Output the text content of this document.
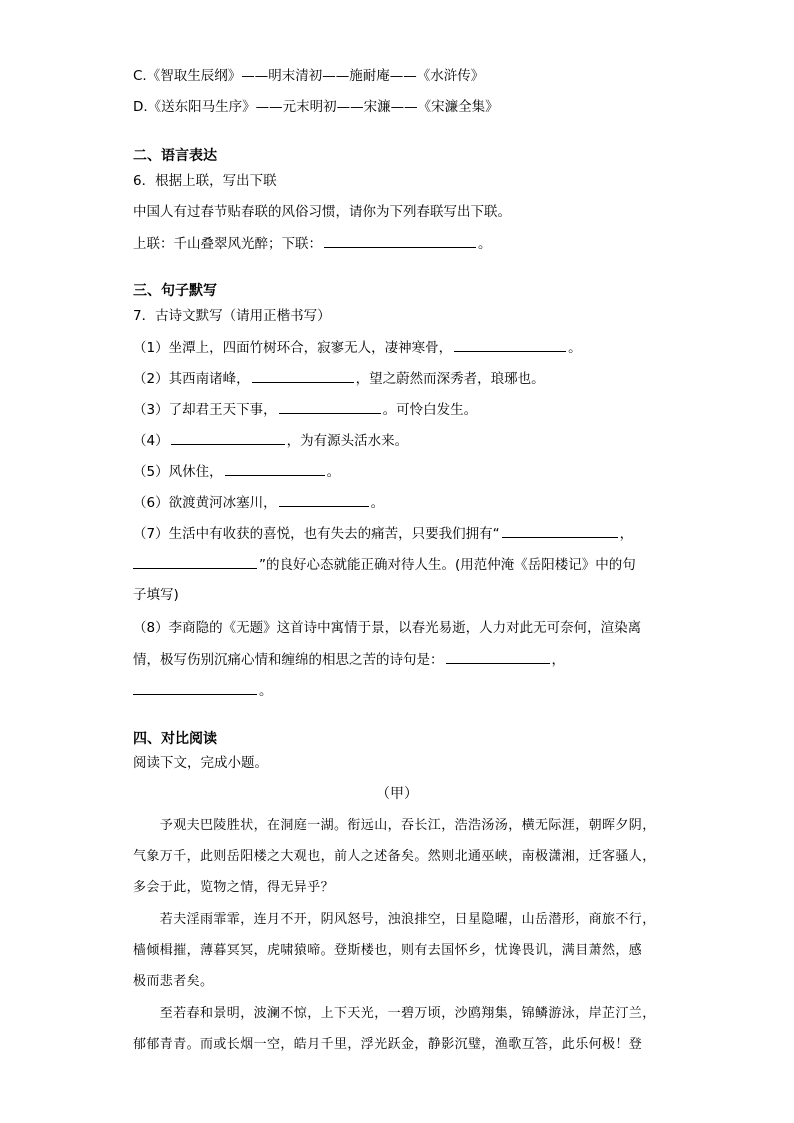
C.《智取生辰纲》——明末清初——施耐庵——《水浒传》
D.《送东阳马生序》——元末明初——宋濂——《宋濂全集》
二、语言表达
6．根据上联，写出下联
中国人有过春节贴春联的风俗习惯，请你为下列春联写出下联。
上联：千山叠翠风光醉；下联：	。
三、句子默写
7．古诗文默写（请用正楷书写）
（1）坐潭上，四面竹树环合，寂寥无人，凄神寒骨，	。
（2）其西南诸峰，	，望之蔚然而深秀者，琅琊也。
（3）了却君王天下事，	。可怜白发生。
（4）	，为有源头活水来。
（5）风休住，	。
（6）欲渡黄河冰塞川，	。
（7）生活中有收获的喜悦，也有失去的痛苦，只要我们拥有“	，
”的良好心态就能正确对待人生。(用范仲淹《岳阳楼记》中的句
子填写)
（8）李商隐的《无题》这首诗中寓情于景，以春光易逝，人力对此无可奈何，渲染离
情，极写伤别沉痛心情和缠绵的相思之苦的诗句是：	，
。
四、对比阅读
阅读下文，完成小题。
（甲）
　　予观夫巴陵胜状，在洞庭一湖。衔远山，吞长江，浩浩汤汤，横无际涯，朝晖夕阴，
气象万千，此则岳阳楼之大观也，前人之述备矣。然则北通巫峡，南极潇湘，迁客骚人，
多会于此，览物之情，得无异乎？
　　若夫淫雨霏霏，连月不开，阴风怒号，浊浪排空，日星隐曜，山岳潜形，商旅不行，
樯倾楫摧，薄暮冥冥，虎啸猿啼。登斯楼也，则有去国怀乡，忧谗畏讥，满目萧然，感
极而悲者矣。
　　至若春和景明，波澜不惊，上下天光，一碧万顷，沙鸥翔集，锦鳞游泳，岸芷汀兰，
郁郁青青。而或长烟一空，皓月千里，浮光跃金，静影沉璧，渔歌互答，此乐何极！登
